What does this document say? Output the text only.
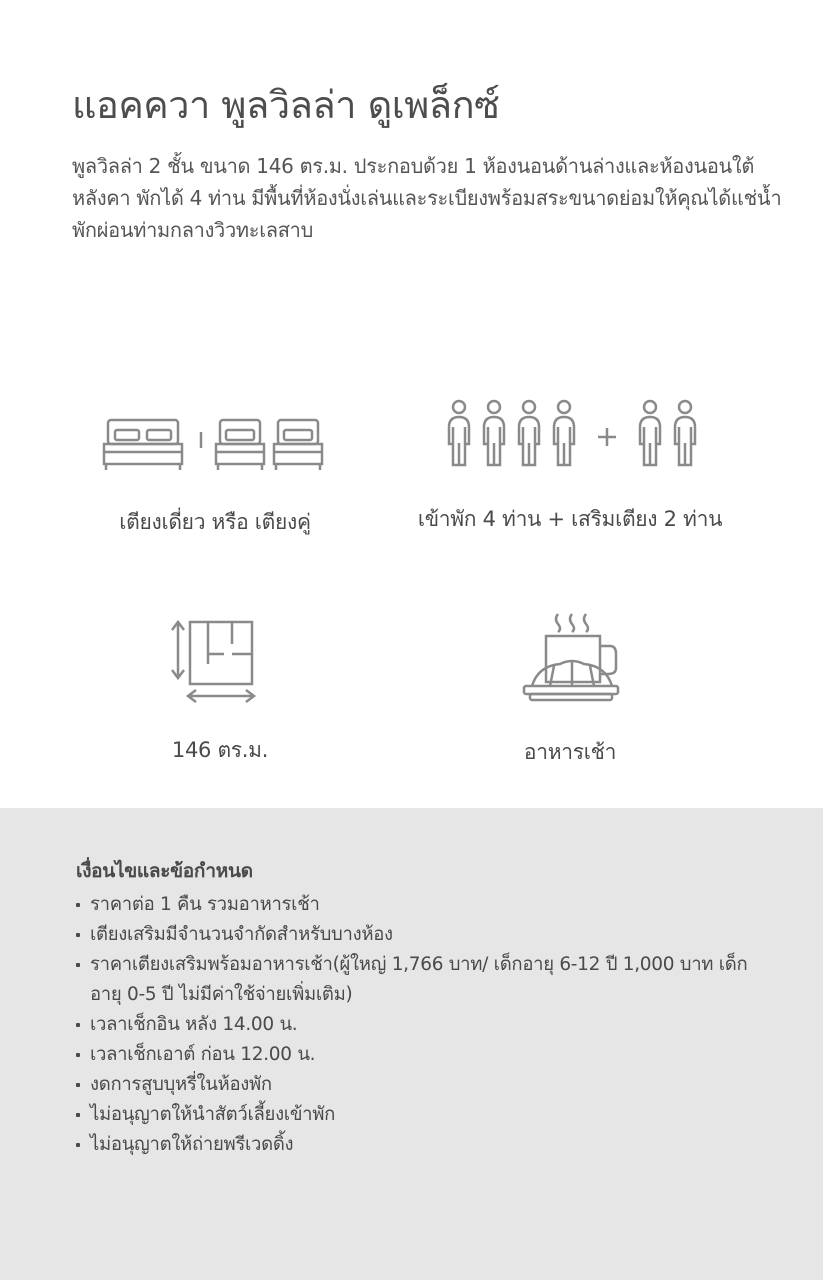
แอคควา พูลวิลล่า ดูเพล็กซ์

พูลวิลล่า 2 ชั้น ขนาด 146 ตร.ม. ประกอบด้วย 1 ห้องนอนด้านล่างและห้องนอนใต้หลังคา พักได้ 4 ท่าน มีพื้นที่ห้องนั่งเล่นและระเบียงพร้อมสระขนาดย่อมให้คุณได้แช่น้ำพักผ่อนท่ามกลางวิวทะเลสาบ

เตียงเดี่ยว หรือ เตียงคู่	เข้าพัก 4 ท่าน + เสริมเตียง 2 ท่าน
146 ตร.ม.	อาหารเช้า
เงื่อนไขและข้อกำหนด
ราคาต่อ 1 คืน รวมอาหารเช้า
เตียงเสริมมีจำนวนจำกัดสำหรับบางห้อง
ราคาเตียงเสริมพร้อมอาหารเช้า(ผู้ใหญ่ 1,766 บาท/ เด็กอายุ 6-12 ปี 1,000 บาท เด็กอายุ 0-5 ปี ไม่มีค่าใช้จ่ายเพิ่มเติม)
เวลาเช็กอิน หลัง 14.00 น.
เวลาเช็กเอาต์ ก่อน 12.00 น.
งดการสูบบุหรี่ในห้องพัก
ไม่อนุญาตให้นำสัตว์เลี้ยงเข้าพัก
ไม่อนุญาตให้ถ่ายพรีเวดดิ้ง
